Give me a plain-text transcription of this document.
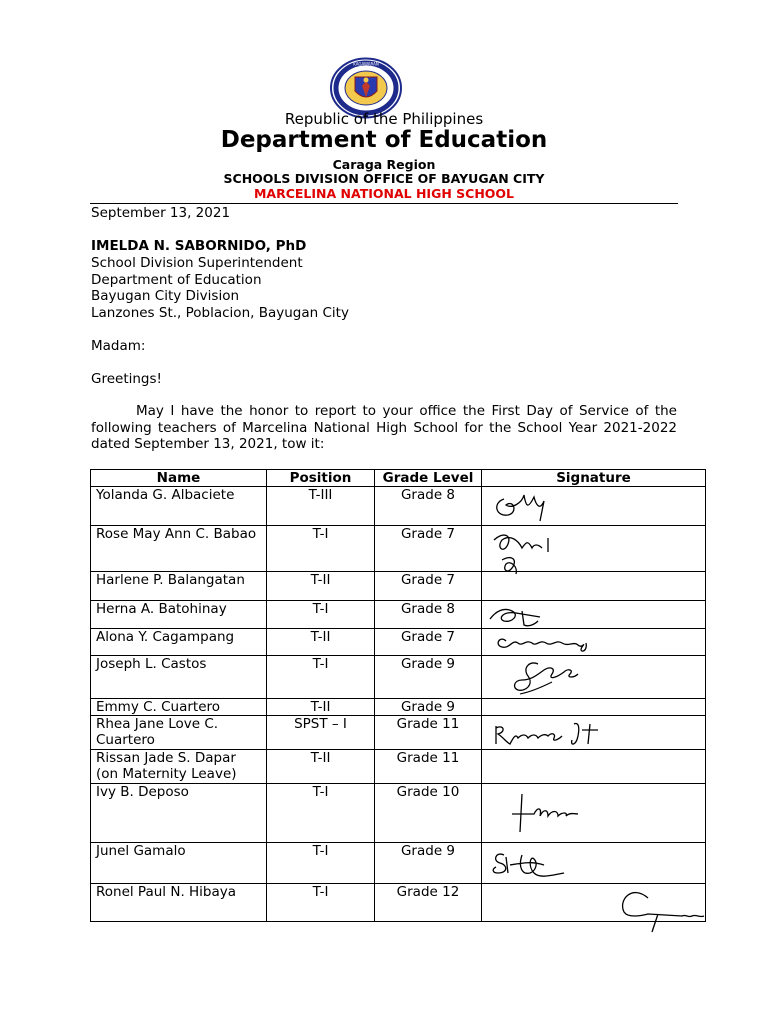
KAGAWARAN
Republic of the Philippines
Department of Education
Caraga Region
SCHOOLS DIVISION OFFICE OF BAYUGAN CITY
MARCELINA NATIONAL HIGH SCHOOL
September 13, 2021
IMELDA N. SABORNIDO, PhD
School Division Superintendent
Department of Education
Bayugan City Division
Lanzones St., Poblacion, Bayugan City
Madam:
Greetings!
May I have the honor to report to your office the First Day of Service of the
following teachers of Marcelina National High School for the School Year 2021-2022
dated September 13, 2021, tow it:
Name	Position	Grade Level	Signature
Yolanda G. Albaciete	T-III	Grade 8	

Rose May Ann C. Babao	T-I	Grade 7	

Harlene P. Balangatan	T-II	Grade 7	
Herna A. Batohinay	T-I	Grade 8	

Alona Y. Cagampang	T-II	Grade 7	

Joseph L. Castos	T-I	Grade 9	

Emmy C. Cuartero	T-II	Grade 9	
Rhea Jane Love C. Cuartero	SPST – I	Grade 11	

Rissan Jade S. Dapar (on Maternity Leave)	T-II	Grade 11	
Ivy B. Deposo	T-I	Grade 10	

Junel Gamalo	T-I	Grade 9	

Ronel Paul N. Hibaya	T-I	Grade 12	
